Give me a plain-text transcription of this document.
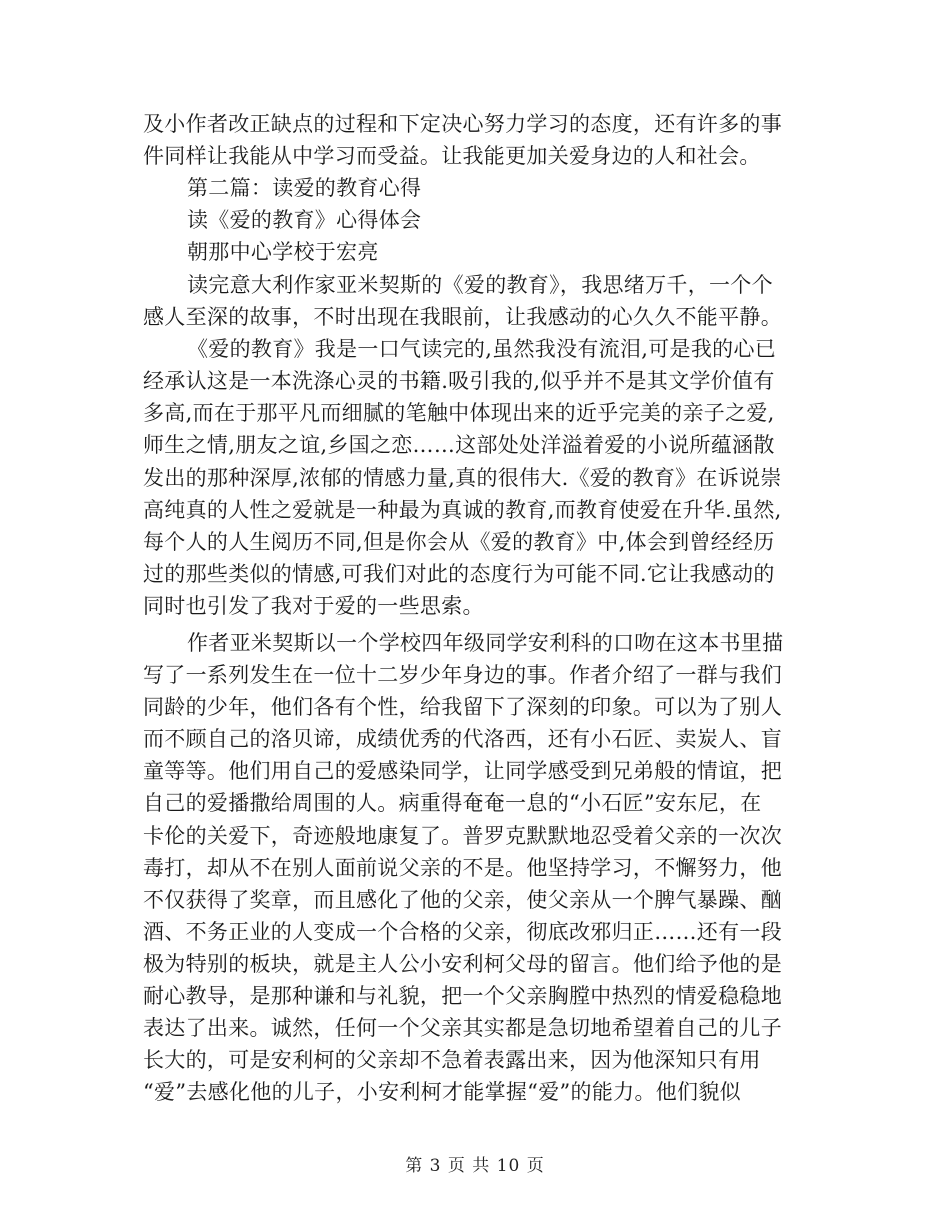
及小作者改正缺点的过程和下定决心努力学习的态度，还有许多的事
件同样让我能从中学习而受益。让我能更加关爱身边的人和社会。
第二篇：读爱的教育心得
读《爱的教育》心得体会
朝那中心学校于宏亮
读完意大利作家亚米契斯的《爱的教育》，我思绪万千，一个个
感人至深的故事，不时出现在我眼前，让我感动的心久久不能平静。
《爱的教育》我是一口气读完的,虽然我没有流泪,可是我的心已
经承认这是一本洗涤心灵的书籍.吸引我的,似乎并不是其文学价值有
多高,而在于那平凡而细腻的笔触中体现出来的近乎完美的亲子之爱,
师生之情,朋友之谊,乡国之恋……这部处处洋溢着爱的小说所蕴涵散
发出的那种深厚,浓郁的情感力量,真的很伟大.《爱的教育》在诉说崇
高纯真的人性之爱就是一种最为真诚的教育,而教育使爱在升华.虽然,
每个人的人生阅历不同,但是你会从《爱的教育》中,体会到曾经经历
过的那些类似的情感,可我们对此的态度行为可能不同.它让我感动的
同时也引发了我对于爱的一些思索。
作者亚米契斯以一个学校四年级同学安利科的口吻在这本书里描
写了一系列发生在一位十二岁少年身边的事。作者介绍了一群与我们
同龄的少年，他们各有个性，给我留下了深刻的印象。可以为了别人
而不顾自己的洛贝谛，成绩优秀的代洛西，还有小石匠、卖炭人、盲
童等等。他们用自己的爱感染同学，让同学感受到兄弟般的情谊，把
自己的爱播撒给周围的人。病重得奄奄一息的“小石匠”安东尼，在
卡伦的关爱下，奇迹般地康复了。普罗克默默地忍受着父亲的一次次
毒打，却从不在别人面前说父亲的不是。他坚持学习，不懈努力，他
不仅获得了奖章，而且感化了他的父亲，使父亲从一个脾气暴躁、酗
酒、不务正业的人变成一个合格的父亲，彻底改邪归正……还有一段
极为特别的板块，就是主人公小安利柯父母的留言。他们给予他的是
耐心教导，是那种谦和与礼貌，把一个父亲胸膛中热烈的情爱稳稳地
表达了出来。诚然，任何一个父亲其实都是急切地希望着自己的儿子
长大的，可是安利柯的父亲却不急着表露出来，因为他深知只有用
“爱”去感化他的儿子，小安利柯才能掌握“爱”的能力。他们貌似
第 3 页 共 10 页
